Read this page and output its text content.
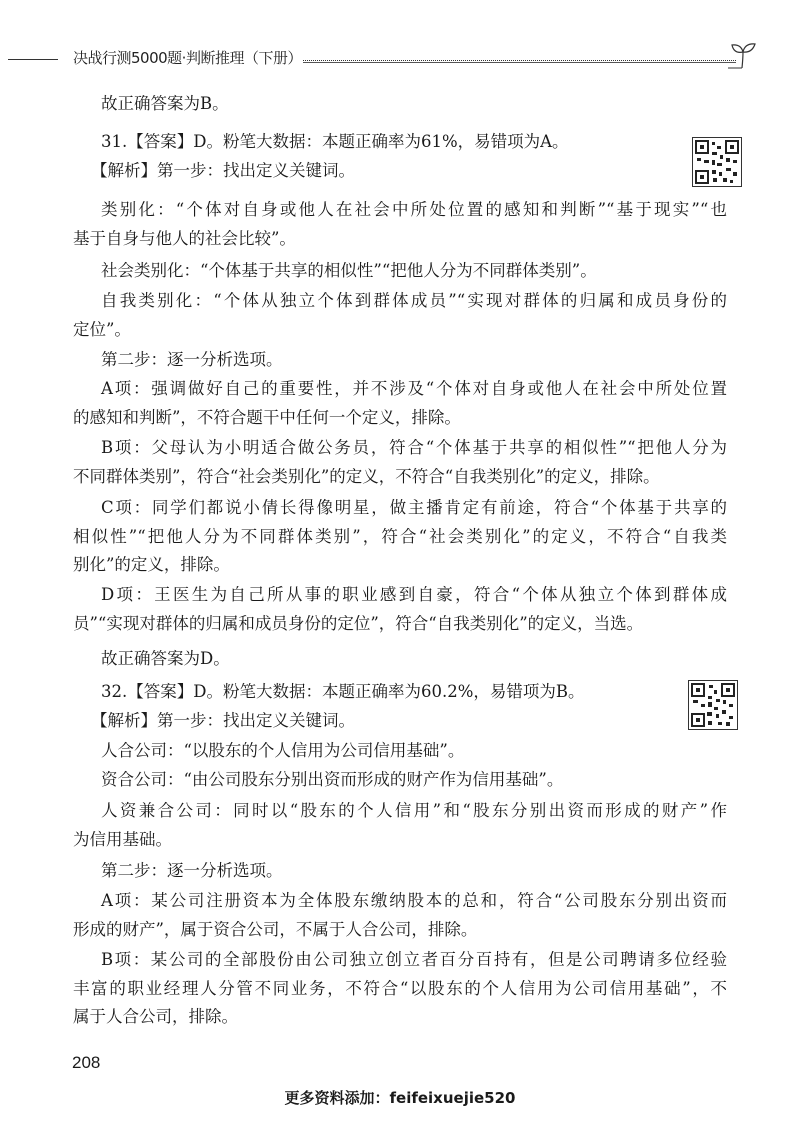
决战行测5000题·判断推理（下册）
故正确答案为B。
31.【答案】D。粉笔大数据：本题正确率为61%，易错项为A。
【解析】第一步：找出定义关键词。
类别化：“个体对自身或他人在社会中所处位置的感知和判断”“基于现实”“也
基于自身与他人的社会比较”。
社会类别化：“个体基于共享的相似性”“把他人分为不同群体类别”。
自我类别化：“个体从独立个体到群体成员”“实现对群体的归属和成员身份的
定位”。
第二步：逐一分析选项。
A项：强调做好自己的重要性，并不涉及“个体对自身或他人在社会中所处位置
的感知和判断”，不符合题干中任何一个定义，排除。
B项：父母认为小明适合做公务员，符合“个体基于共享的相似性”“把他人分为
不同群体类别”，符合“社会类别化”的定义，不符合“自我类别化”的定义，排除。
C项：同学们都说小倩长得像明星，做主播肯定有前途，符合“个体基于共享的
相似性”“把他人分为不同群体类别”，符合“社会类别化”的定义，不符合“自我类
别化”的定义，排除。
D项：王医生为自己所从事的职业感到自豪，符合“个体从独立个体到群体成
员”“实现对群体的归属和成员身份的定位”，符合“自我类别化”的定义，当选。
故正确答案为D。
32.【答案】D。粉笔大数据：本题正确率为60.2%，易错项为B。
【解析】第一步：找出定义关键词。
人合公司：“以股东的个人信用为公司信用基础”。
资合公司：“由公司股东分别出资而形成的财产作为信用基础”。
人资兼合公司：同时以“股东的个人信用”和“股东分别出资而形成的财产”作
为信用基础。
第二步：逐一分析选项。
A项：某公司注册资本为全体股东缴纳股本的总和，符合“公司股东分别出资而
形成的财产”，属于资合公司，不属于人合公司，排除。
B项：某公司的全部股份由公司独立创立者百分百持有，但是公司聘请多位经验
丰富的职业经理人分管不同业务，不符合“以股东的个人信用为公司信用基础”，不
属于人合公司，排除。
208
更多资料添加：feifeixuejie520
